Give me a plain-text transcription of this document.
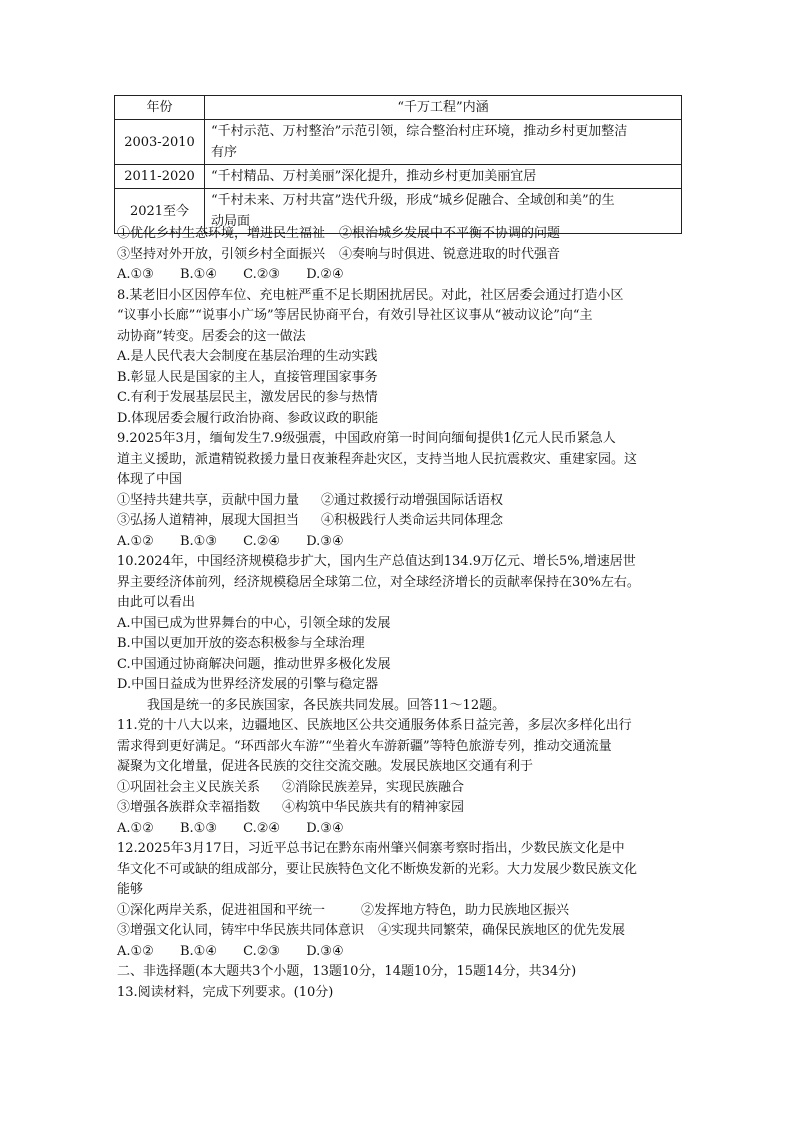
年份	“千万工程”内涵
2003-2010	“千村示范、万村整治”示范引领，综合整治村庄环境，推动乡村更加整洁
有序

2011-2020	“千村精品、万村美丽”深化提升，推动乡村更加美丽宜居

2021至今	“千村未来、万村共富”迭代升级，形成“城乡促融合、全域创和美”的生
动局面
①优化乡村生态环境，增进民生福祉 ②根治城乡发展中不平衡不协调的问题
③坚持对外开放，引领乡村全面振兴 ④奏响与时俱进、锐意进取的时代强音
A.①③ B.①④ C.②③ D.②④
8.某老旧小区因停车位、充电桩严重不足长期困扰居民。对此，社区居委会通过打造小区
“议事小长廊”“说事小广场”等居民协商平台，有效引导社区议事从“被动议论”向“主
动协商”转变。居委会的这一做法
A.是人民代表大会制度在基层治理的生动实践
B.彰显人民是国家的主人，直接管理国家事务
C.有利于发展基层民主，激发居民的参与热情
D.体现居委会履行政治协商、参政议政的职能
9.2025年3月，缅甸发生7.9级强震，中国政府第一时间向缅甸提供1亿元人民币紧急人
道主义援助，派遣精锐救援力量日夜兼程奔赴灾区，支持当地人民抗震救灾、重建家园。这
体现了中国
①坚持共建共享，贡献中国力量 ②通过救援行动增强国际话语权
③弘扬人道精神，展现大国担当 ④积极践行人类命运共同体理念
A.①② B.①③ C.②④ D.③④
10.2024年，中国经济规模稳步扩大，国内生产总值达到134.9万亿元、增长5%,增速居世
界主要经济体前列，经济规模稳居全球第二位，对全球经济增长的贡献率保持在30%左右。
由此可以看出
A.中国已成为世界舞台的中心，引领全球的发展
B.中国以更加开放的姿态积极参与全球治理
C.中国通过协商解决问题，推动世界多极化发展
D.中国日益成为世界经济发展的引擎与稳定器
我国是统一的多民族国家，各民族共同发展。回答11～12题。
11.党的十八大以来，边疆地区、民族地区公共交通服务体系日益完善，多层次多样化出行
需求得到更好满足。“环西部火车游”“坐着火车游新疆”等特色旅游专列，推动交通流量
凝聚为文化增量，促进各民族的交往交流交融。发展民族地区交通有利于
①巩固社会主义民族关系 ②消除民族差异，实现民族融合
③增强各族群众幸福指数 ④构筑中华民族共有的精神家园
A.①② B.①③ C.②④ D.③④
12.2025年3月17日，习近平总书记在黔东南州肇兴侗寨考察时指出，少数民族文化是中
华文化不可或缺的组成部分，要让民族特色文化不断焕发新的光彩。大力发展少数民族文化
能够
①深化两岸关系，促进祖国和平统一	②发挥地方特色，助力民族地区振兴
③增强文化认同，铸牢中华民族共同体意识 ④实现共同繁荣，确保民族地区的优先发展
A.①② B.①④ C.②③ D.③④
二、非选择题(本大题共3个小题，13题10分，14题10分，15题14分，共34分)
13.阅读材料，完成下列要求。(10分)
